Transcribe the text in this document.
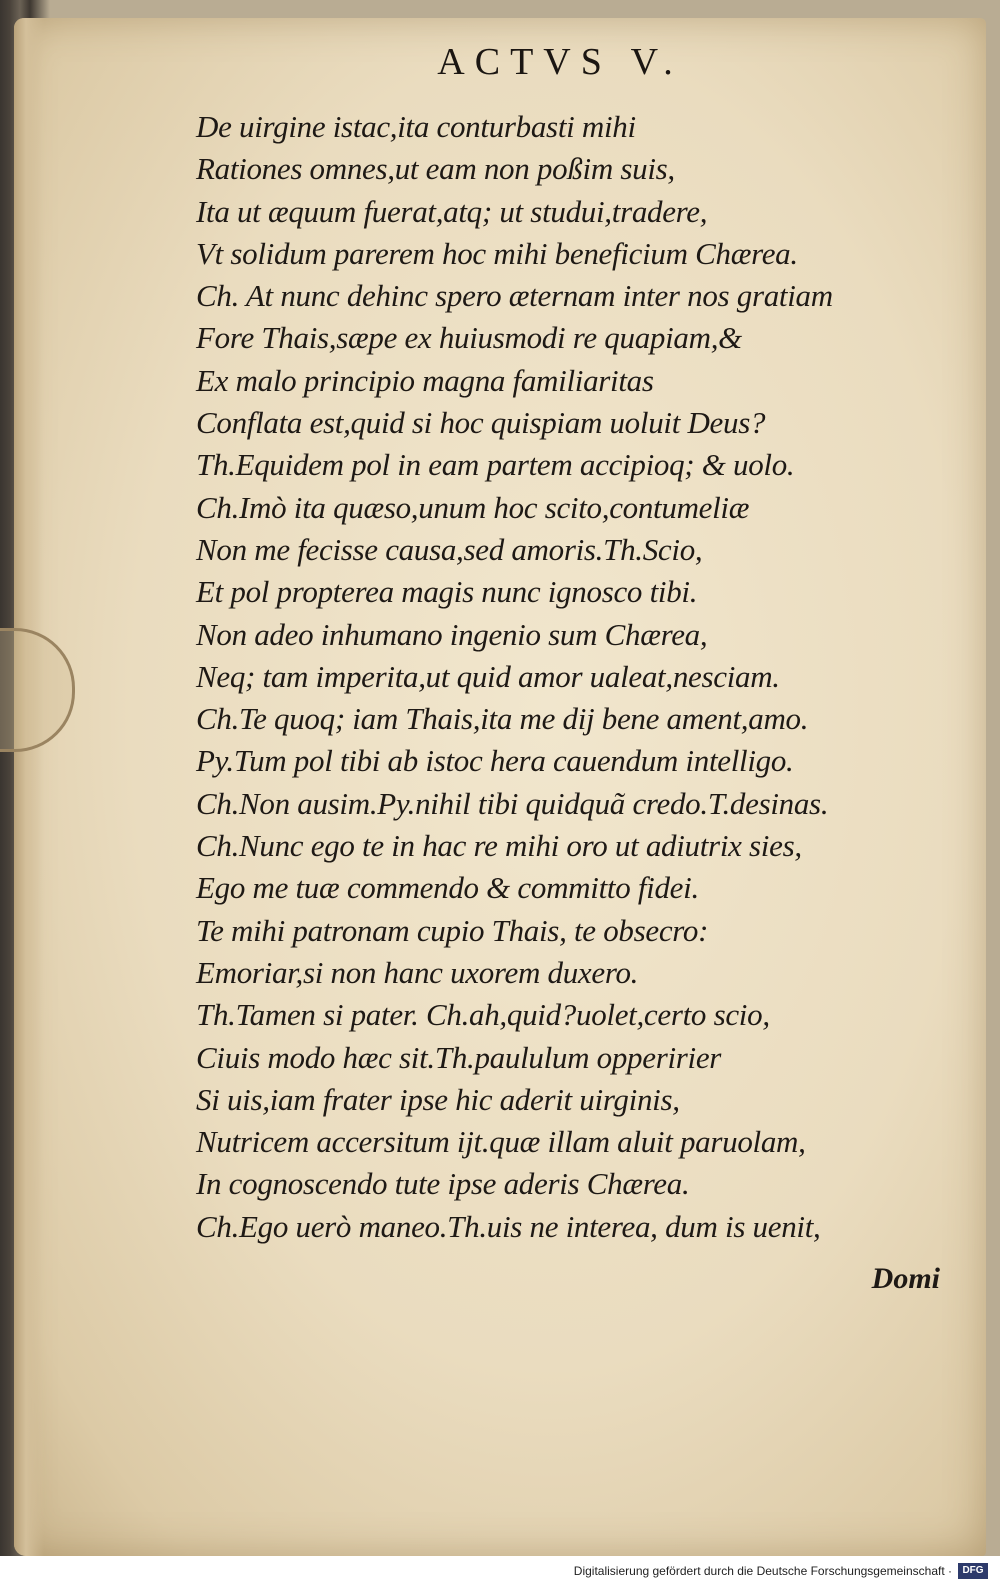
ACTVS V.
De uirgine istac,ita conturbasti mihi
Rationes omnes,ut eam non poßim suis,
Ita ut æquum fuerat,atq; ut studui,tradere,
Vt solidum parerem hoc mihi beneficium Chærea.
Ch. At nunc dehinc spero æternam inter nos gratiam
Fore Thais,sæpe ex huiusmodi re quapiam,&
Ex malo principio magna familiaritas
Conflata est,quid si hoc quispiam uoluit Deus?
Th.Equidem pol in eam partem accipioq; & uolo.
Ch.Imò ita quæso,unum hoc scito,contumeliæ
Non me fecisse causa,sed amoris.Th.Scio,
Et pol propterea magis nunc ignosco tibi.
Non adeo inhumano ingenio sum Chærea,
Neq; tam imperita,ut quid amor ualeat,nesciam.
Ch.Te quoq; iam Thais,ita me dij bene ament,amo.
Py.Tum pol tibi ab istoc hera cauendum intelligo.
Ch.Non ausim.Py.nihil tibi quidquã credo.T.desinas.
Ch.Nunc ego te in hac re mihi oro ut adiutrix sies,
Ego me tuæ commendo & committo fidei.
Te mihi patronam cupio Thais, te obsecro:
Emoriar,si non hanc uxorem duxero.
Th.Tamen si pater. Ch.ah,quid?uolet,certo scio,
Ciuis modo hæc sit.Th.paululum opperirier
Si uis,iam frater ipse hic aderit uirginis,
Nutricem accersitum ijt.quæ illam aluit paruolam,
In cognoscendo tute ipse aderis Chærea.
Ch.Ego uerò maneo.Th.uis ne interea, dum is uenit,
Domi
Digitalisierung gefördert durch die Deutsche Forschungsgemeinschaft ·	DFG
